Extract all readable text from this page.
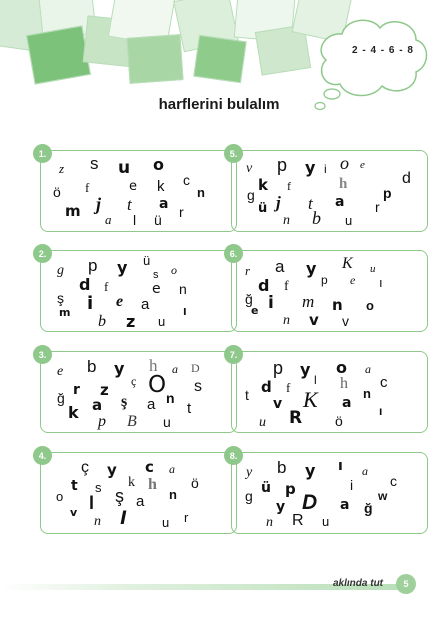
2 - 4 - 6 - 8
harflerini bulalım
1.
z s u o
ö f	e k c
n
m j t a
a l ü r
5.
v p y i o e
d
k f	h
p
g
ü j t a r
n b u
2.
g p y ü
s o
d f	e n
ş i e a
m
b z u
ı
6.
r a y K u
p e ı
d f
ğ i m n
e	o
n v v
3.
e b y h a D
r z ç O s
ğ	n
k a ş a t
p B u
7.
p y o a
l h c
t d f
v K a
n
ı
u R ö
4.
ç y c a
t s k h ö
o l ş a n
v
n l	u r
8.
y b y ı a
i	c
g ü p	w
y D a ğ
n R u
aklında tut	5
